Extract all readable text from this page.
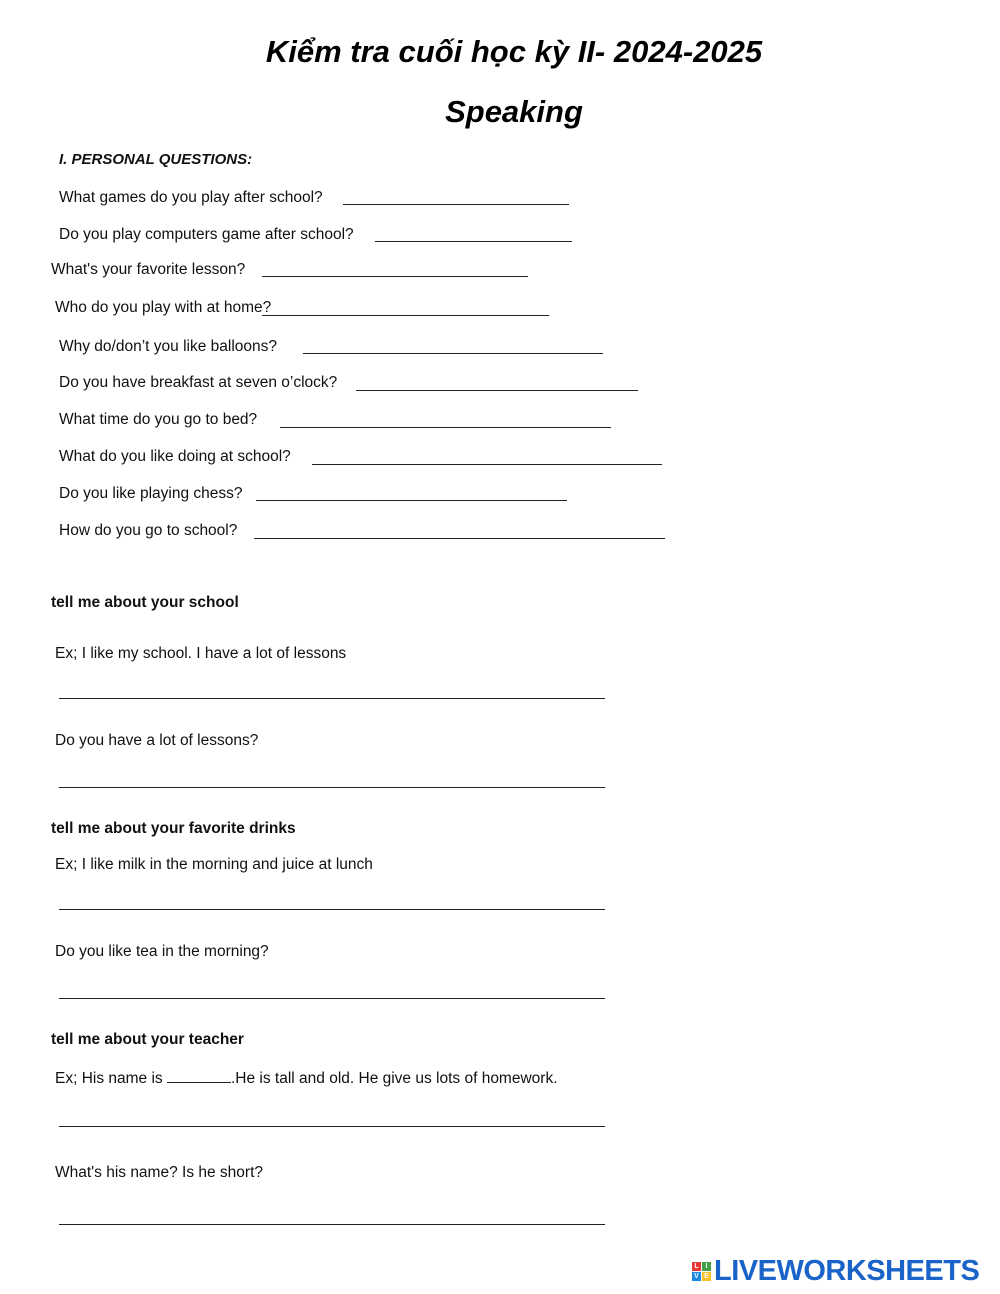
Kiểm tra cuối học kỳ II- 2024-2025
Speaking
I. PERSONAL QUESTIONS:
What games do you play after school?
Do you play computers game after school?
What's your favorite lesson?
Who do you play with at home?
Why do/don’t you like balloons?
Do you have breakfast at seven o’clock?
What time do you go to bed?
What do you like doing at school?
Do you like playing chess?
How do you go to school?
tell me about your school
Ex; I like my school. I have a lot of lessons
Do you have a lot of lessons?
tell me about your favorite drinks
Ex; I like milk in the morning and juice at lunch
Do you like tea in the morning?
tell me about your teacher
Ex; His name is	.He is tall and old. He give us lots of homework.
What's his name? Is he short?
L I
V E LIVEWORKSHEETS
